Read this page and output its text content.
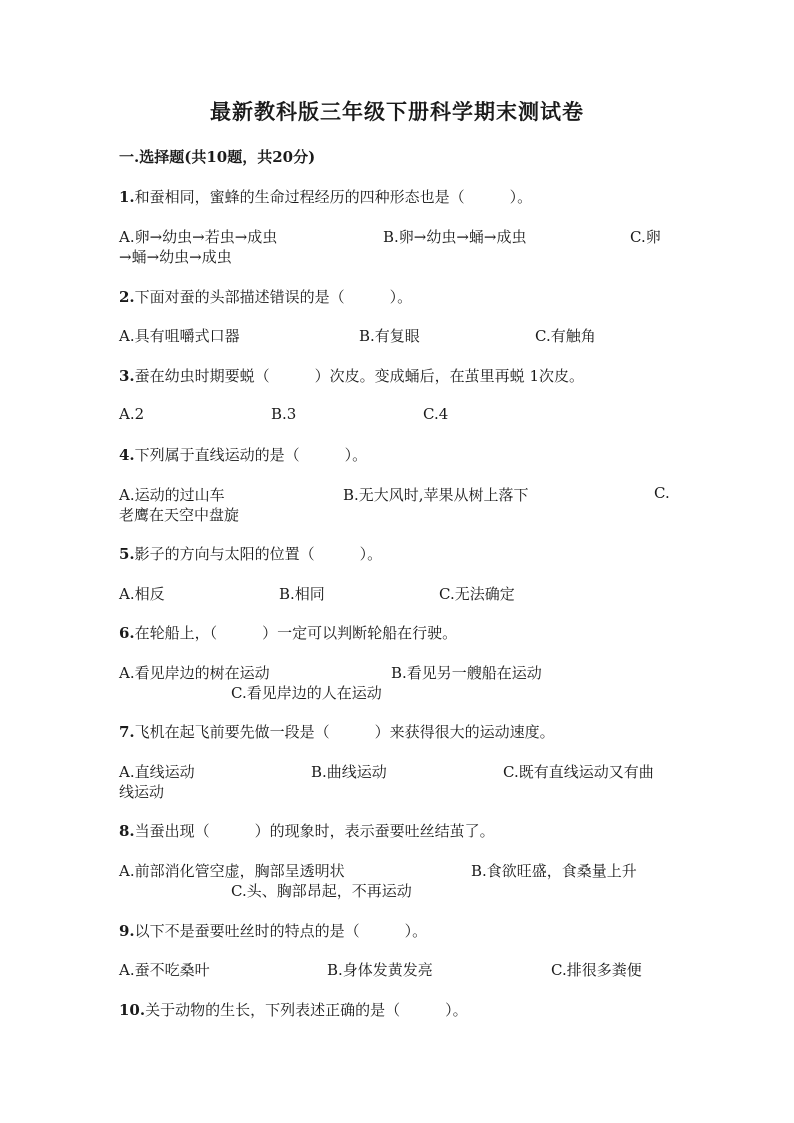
最新教科版三年级下册科学期末测试卷
一.选择题(共10题，共20分)
1.和蚕相同，蜜蜂的生命过程经历的四种形态也是（　　　）。
A.卵→幼虫→若虫→成虫	B.卵→幼虫→蛹→成虫	C.卵
→蛹→幼虫→成虫
2.下面对蚕的头部描述错误的是（　　　）。
A.具有咀嚼式口器	B.有复眼	C.有触角
3.蚕在幼虫时期要蜕（　　　）次皮。变成蛹后，在茧里再蜕 1次皮。
A.2	B.3	C.4
4.下列属于直线运动的是（　　　）。
A.运动的过山车	B.无大风时,苹果从树上落下	C.
老鹰在天空中盘旋
5.影子的方向与太阳的位置（　　　）。
A.相反	B.相同	C.无法确定
6.在轮船上，（　　　）一定可以判断轮船在行驶。
A.看见岸边的树在运动	B.看见另一艘船在运动
C.看见岸边的人在运动
7.飞机在起飞前要先做一段是（　　　）来获得很大的运动速度。
A.直线运动	B.曲线运动	C.既有直线运动又有曲
线运动
8.当蚕出现（　　　）的现象时，表示蚕要吐丝结茧了。
A.前部消化管空虚，胸部呈透明状	B.食欲旺盛，食桑量上升
C.头、胸部昂起，不再运动
9.以下不是蚕要吐丝时的特点的是（　　　）。
A.蚕不吃桑叶	B.身体发黄发亮	C.排很多粪便
10.关于动物的生长，下列表述正确的是（　　　）。
